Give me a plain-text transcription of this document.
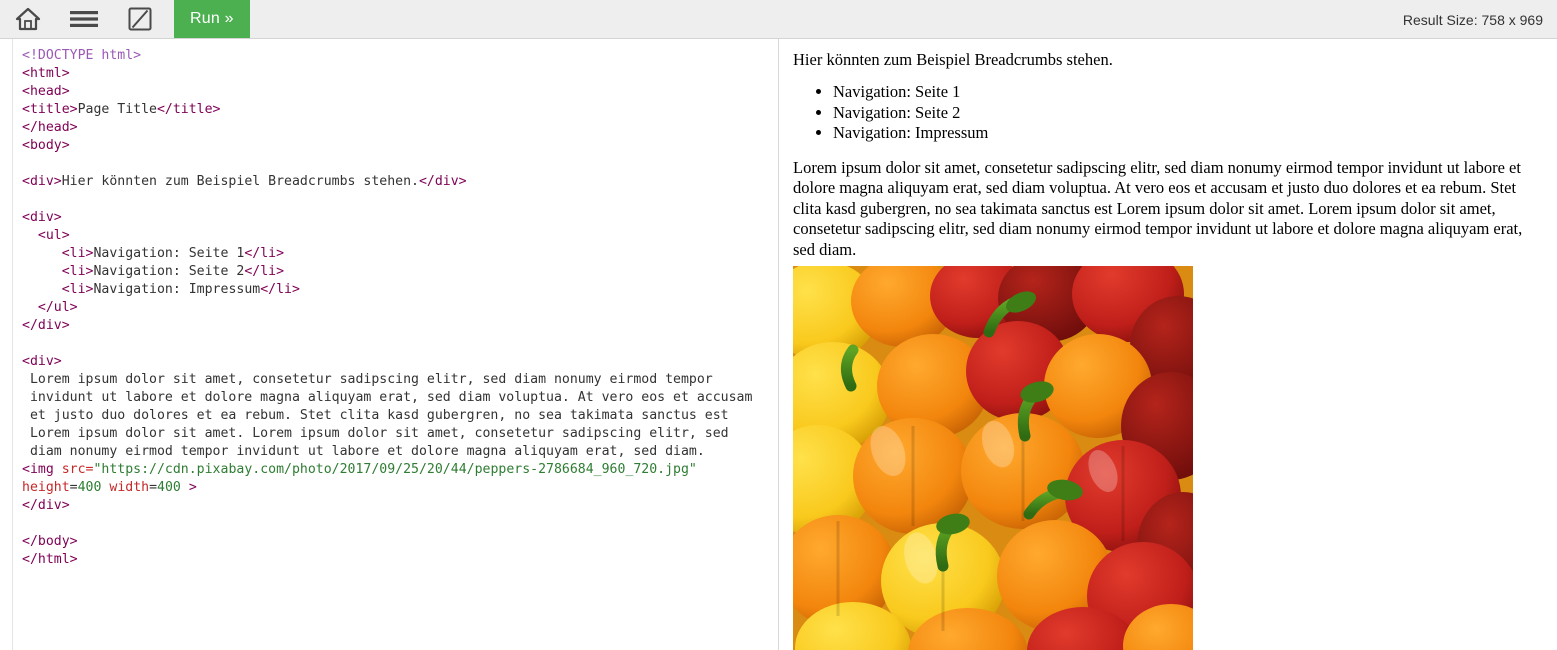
Run »	Result Size: 758 x 969
<!DOCTYPE html>
<html>
<head>
<title>Page Title</title>
</head>
<body>

<div>Hier könnten zum Beispiel Breadcrumbs stehen.</div>

<div>
<ul>
<li>Navigation: Seite 1</li>
<li>Navigation: Seite 2</li>
<li>Navigation: Impressum</li>
</ul>
</div>

<div>
Lorem ipsum dolor sit amet, consetetur sadipscing elitr, sed diam nonumy eirmod tempor
invidunt ut labore et dolore magna aliquyam erat, sed diam voluptua. At vero eos et accusam
et justo duo dolores et ea rebum. Stet clita kasd gubergren, no sea takimata sanctus est
Lorem ipsum dolor sit amet. Lorem ipsum dolor sit amet, consetetur sadipscing elitr, sed
diam nonumy eirmod tempor invidunt ut labore et dolore magna aliquyam erat, sed diam.
<img src="https://cdn.pixabay.com/photo/2017/09/25/20/44/peppers-2786684_960_720.jpg"
height=400 width=400 >
</div>

</body>
</html>

Hier könnten zum Beispiel Breadcrumbs stehen.

• Navigation: Seite 1
• Navigation: Seite 2
• Navigation: Impressum

Lorem ipsum dolor sit amet, consetetur sadipscing elitr, sed diam nonumy eirmod tempor invidunt ut labore et dolore magna aliquyam erat, sed diam voluptua. At vero eos et accusam et justo duo dolores et ea rebum. Stet clita kasd gubergren, no sea takimata sanctus est Lorem ipsum dolor sit amet. Lorem ipsum dolor sit amet, consetetur sadipscing elitr, sed diam nonumy eirmod tempor invidunt ut labore et dolore magna aliquyam erat, sed diam.
